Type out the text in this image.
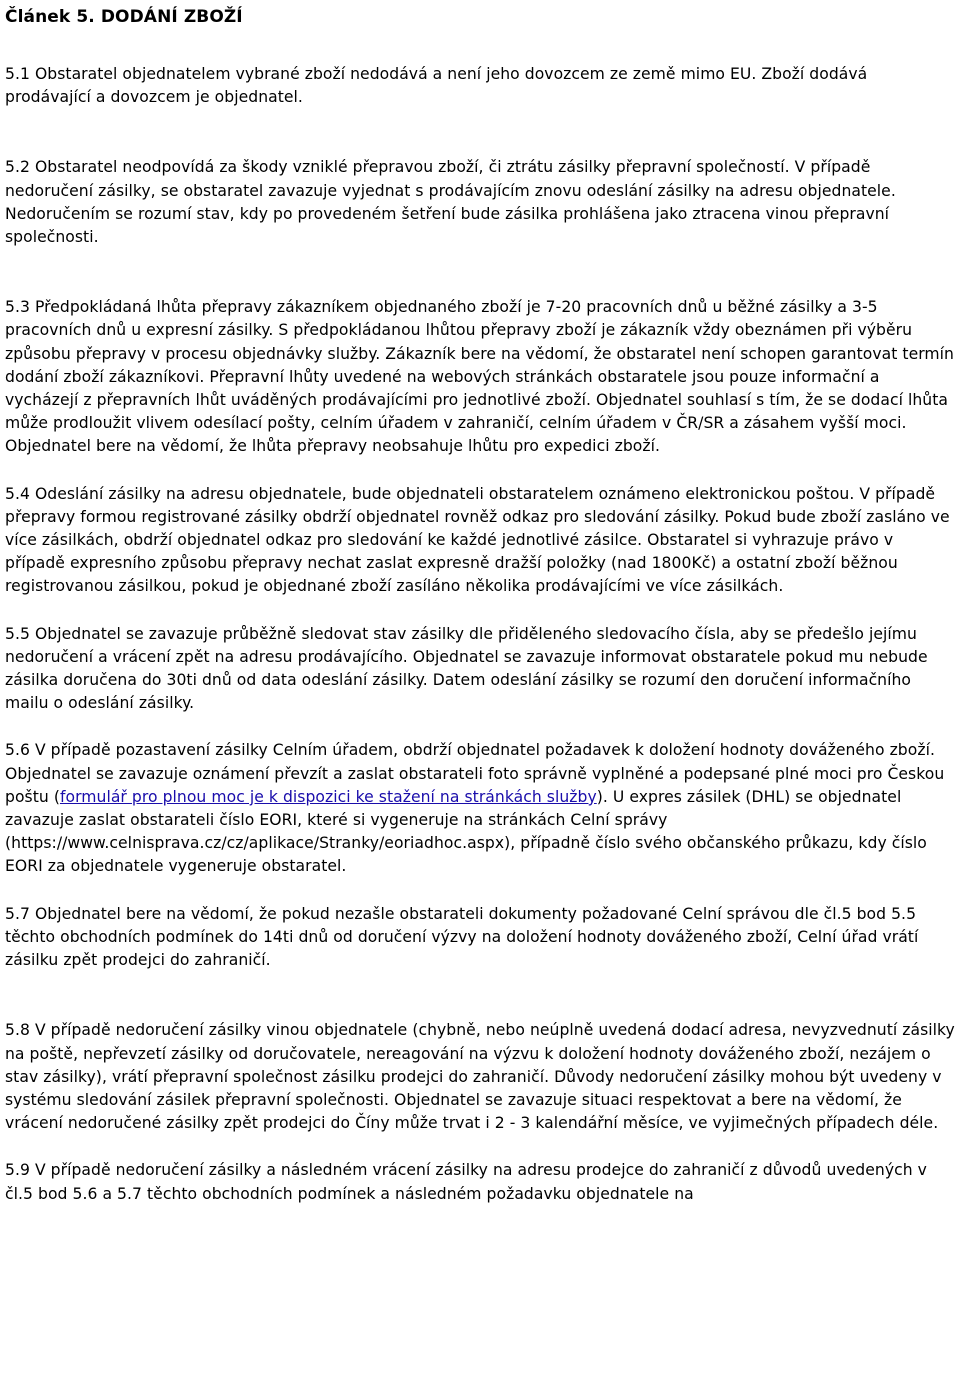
Článek 5. DODÁNÍ ZBOŽÍ

5.1 Obstaratel objednatelem vybrané zboží nedodává a není jeho dovozcem ze země mimo EU. Zboží dodává prodávající a dovozcem je objednatel.

5.2 Obstaratel neodpovídá za škody vzniklé přepravou zboží, či ztrátu zásilky přepravní společností. V případě nedoručení zásilky, se obstaratel zavazuje vyjednat s prodávajícím znovu odeslání zásilky na adresu objednatele. Nedoručením se rozumí stav, kdy po provedeném šetření bude zásilka prohlášena jako ztracena vinou přepravní společnosti.

5.3 Předpokládaná lhůta přepravy zákazníkem objednaného zboží je 7-20 pracovních dnů u běžné zásilky a 3-5 pracovních dnů u expresní zásilky. S předpokládanou lhůtou přepravy zboží je zákazník vždy obeznámen při výběru způsobu přepravy v procesu objednávky služby. Zákazník bere na vědomí, že obstaratel není schopen garantovat termín dodání zboží zákazníkovi. Přepravní lhůty uvedené na webových stránkách obstaratele jsou pouze informační a vycházejí z přepravních lhůt uváděných prodávajícími pro jednotlivé zboží. Objednatel souhlasí s tím, že se dodací lhůta může prodloužit vlivem odesílací pošty, celním úřadem v zahraničí, celním úřadem v ČR/SR a zásahem vyšší moci. Objednatel bere na vědomí, že lhůta přepravy neobsahuje lhůtu pro expedici zboží.

5.4 Odeslání zásilky na adresu objednatele, bude objednateli obstaratelem oznámeno elektronickou poštou. V případě přepravy formou registrované zásilky obdrží objednatel rovněž odkaz pro sledování zásilky. Pokud bude zboží zasláno ve více zásilkách, obdrží objednatel odkaz pro sledování ke každé jednotlivé zásilce. Obstaratel si vyhrazuje právo v případě expresního způsobu přepravy nechat zaslat expresně dražší položky (nad 1800Kč) a ostatní zboží běžnou registrovanou zásilkou, pokud je objednané zboží zasíláno několika prodávajícími ve více zásilkách.

5.5 Objednatel se zavazuje průběžně sledovat stav zásilky dle přiděleného sledovacího čísla, aby se předešlo jejímu nedoručení a vrácení zpět na adresu prodávajícího. Objednatel se zavazuje informovat obstaratele pokud mu nebude zásilka doručena do 30ti dnů od data odeslání zásilky. Datem odeslání zásilky se rozumí den doručení informačního mailu o odeslání zásilky.

5.6 V případě pozastavení zásilky Celním úřadem, obdrží objednatel požadavek k doložení hodnoty dováženého zboží. Objednatel se zavazuje oznámení převzít a zaslat obstarateli foto správně vyplněné a podepsané plné moci pro Českou poštu (formulář pro plnou moc je k dispozici ke stažení na stránkách služby). U expres zásilek (DHL) se objednatel zavazuje zaslat obstarateli číslo EORI, které si vygeneruje na stránkách Celní správy (https://www.celnisprava.cz/cz/aplikace/Stranky/eoriadhoc.aspx), případně číslo svého občanského průkazu, kdy číslo EORI za objednatele vygeneruje obstaratel.

5.7 Objednatel bere na vědomí, že pokud nezašle obstarateli dokumenty požadované Celní správou dle čl.5 bod 5.5 těchto obchodních podmínek do 14ti dnů od doručení výzvy na doložení hodnoty dováženého zboží, Celní úřad vrátí zásilku zpět prodejci do zahraničí.

5.8 V případě nedoručení zásilky vinou objednatele (chybně, nebo neúplně uvedená dodací adresa, nevyzvednutí zásilky na poště, nepřevzetí zásilky od doručovatele, nereagování na výzvu k doložení hodnoty dováženého zboží, nezájem o stav zásilky), vrátí přepravní společnost zásilku prodejci do zahraničí. Důvody nedoručení zásilky mohou být uvedeny v systému sledování zásilek přepravní společnosti. Objednatel se zavazuje situaci respektovat a bere na vědomí, že vrácení nedoručené zásilky zpět prodejci do Číny může trvat i 2 - 3 kalendářní měsíce, ve vyjimečných případech déle.

5.9 V případě nedoručení zásilky a následném vrácení zásilky na adresu prodejce do zahraničí z důvodů uvedených v čl.5 bod 5.6 a 5.7 těchto obchodních podmínek a následném požadavku objednatele na
